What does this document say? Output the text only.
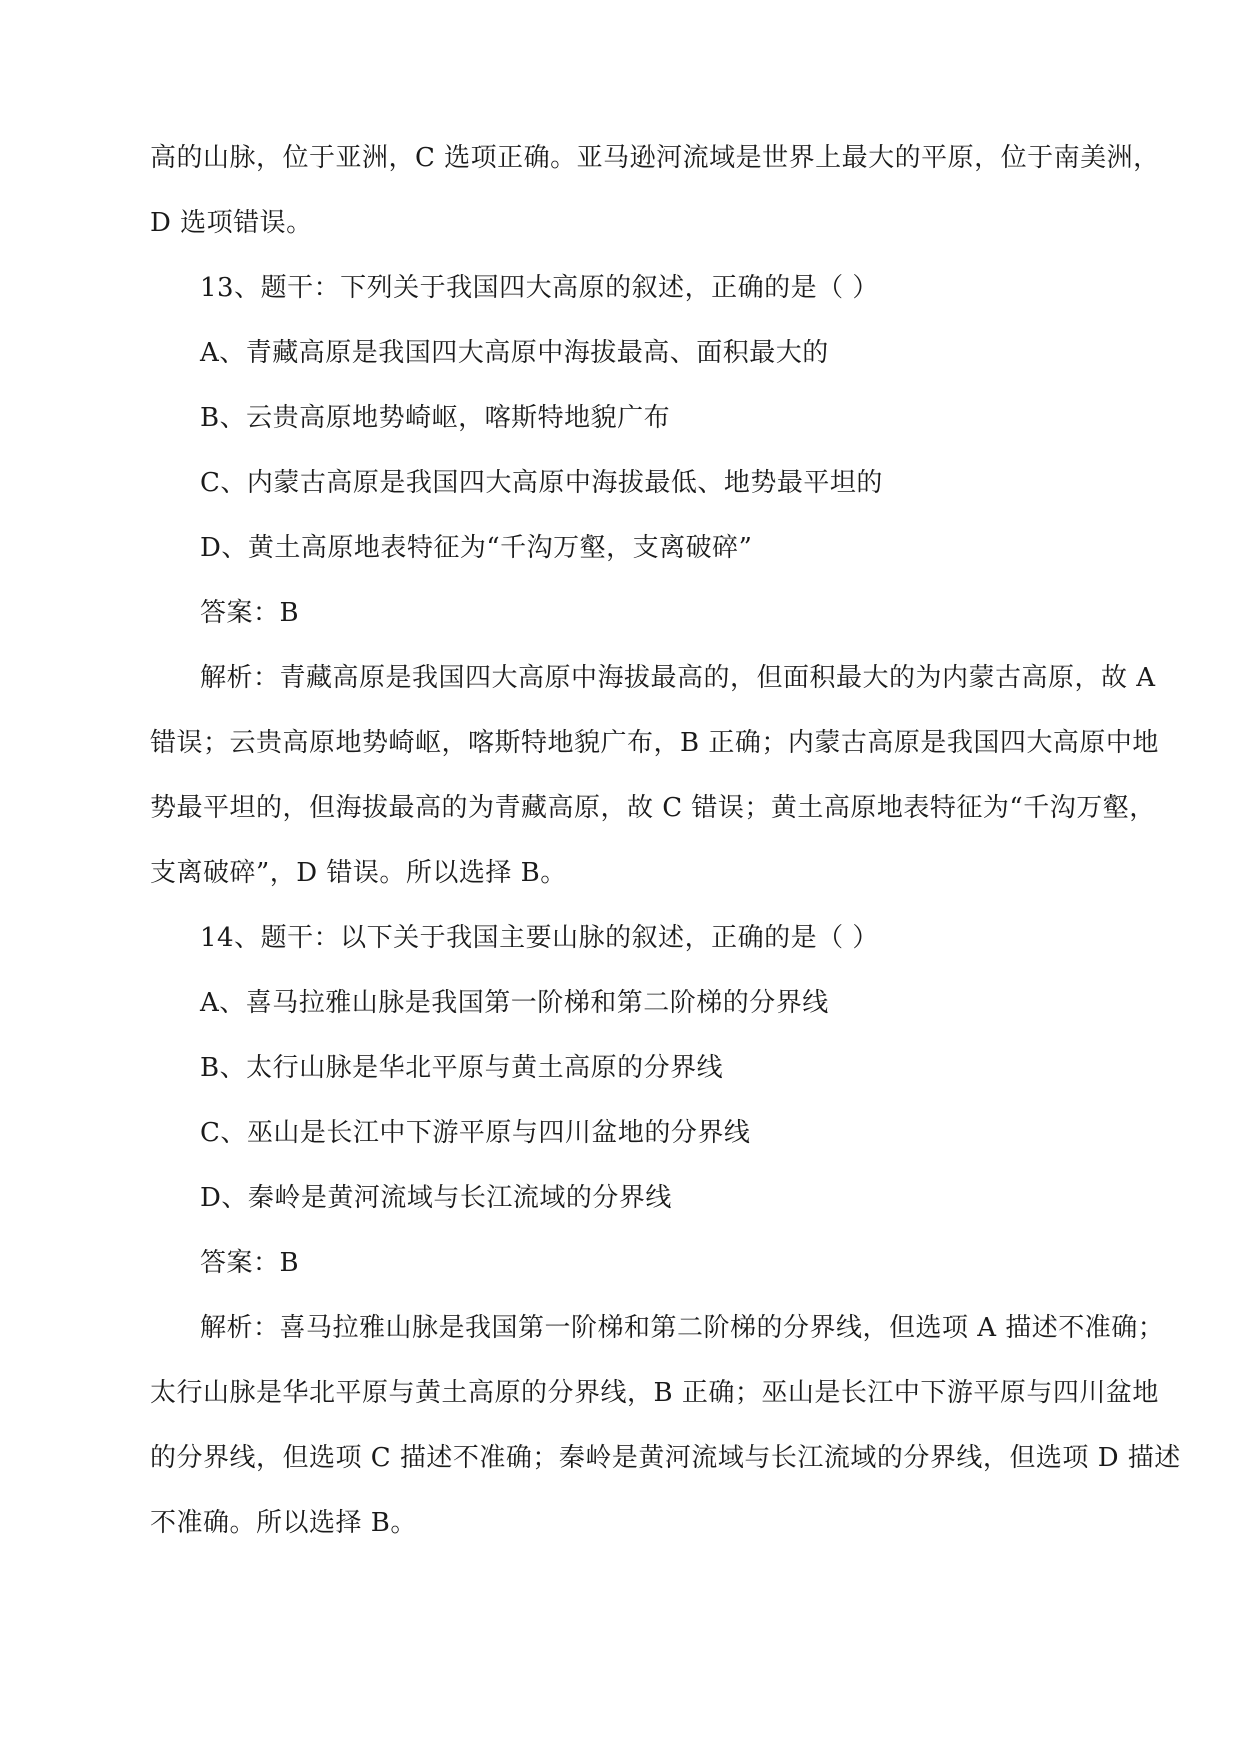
高的山脉，位于亚洲，C 选项正确。亚马逊河流域是世界上最大的平原，位于南美洲，
D 选项错误。
13、题干：下列关于我国四大高原的叙述，正确的是（ ）
A、青藏高原是我国四大高原中海拔最高、面积最大的
B、云贵高原地势崎岖，喀斯特地貌广布
C、内蒙古高原是我国四大高原中海拔最低、地势最平坦的
D、黄土高原地表特征为“千沟万壑，支离破碎”
答案：B
解析：青藏高原是我国四大高原中海拔最高的，但面积最大的为内蒙古高原，故 A
错误；云贵高原地势崎岖，喀斯特地貌广布，B 正确；内蒙古高原是我国四大高原中地
势最平坦的，但海拔最高的为青藏高原，故 C 错误；黄土高原地表特征为“千沟万壑，
支离破碎”，D 错误。所以选择 B。
14、题干：以下关于我国主要山脉的叙述，正确的是（ ）
A、喜马拉雅山脉是我国第一阶梯和第二阶梯的分界线
B、太行山脉是华北平原与黄土高原的分界线
C、巫山是长江中下游平原与四川盆地的分界线
D、秦岭是黄河流域与长江流域的分界线
答案：B
解析：喜马拉雅山脉是我国第一阶梯和第二阶梯的分界线，但选项 A 描述不准确；
太行山脉是华北平原与黄土高原的分界线，B 正确；巫山是长江中下游平原与四川盆地
的分界线，但选项 C 描述不准确；秦岭是黄河流域与长江流域的分界线，但选项 D 描述
不准确。所以选择 B。
